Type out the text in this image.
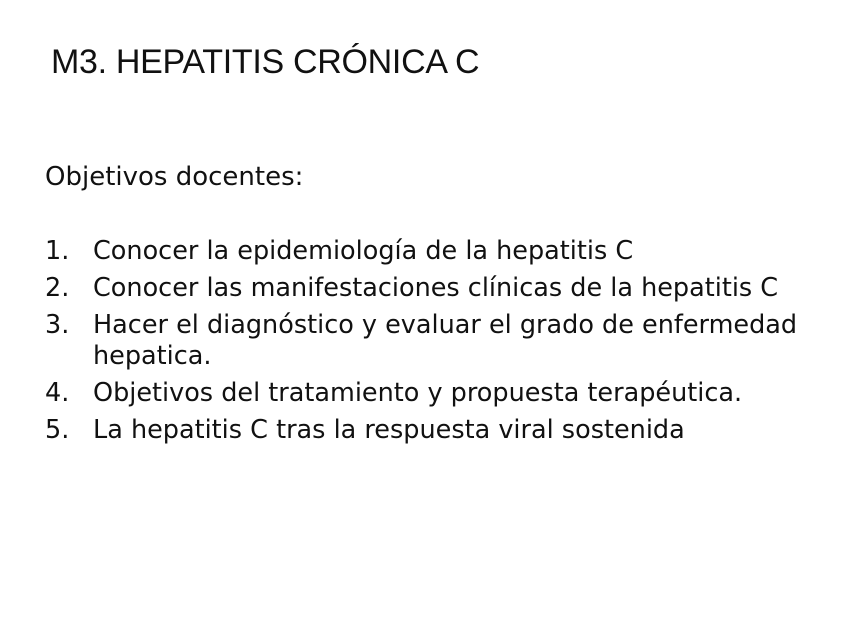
M3. HEPATITIS CRÓNICA C

Objetivos docentes:

1. Conocer la epidemiología de la hepatitis C
2. Conocer las manifestaciones clínicas de la hepatitis C
3. Hacer el diagnóstico y evaluar el grado de enfermedad hepatica.
4. Objetivos del tratamiento y propuesta terapéutica.
5. La hepatitis C tras la respuesta viral sostenida
